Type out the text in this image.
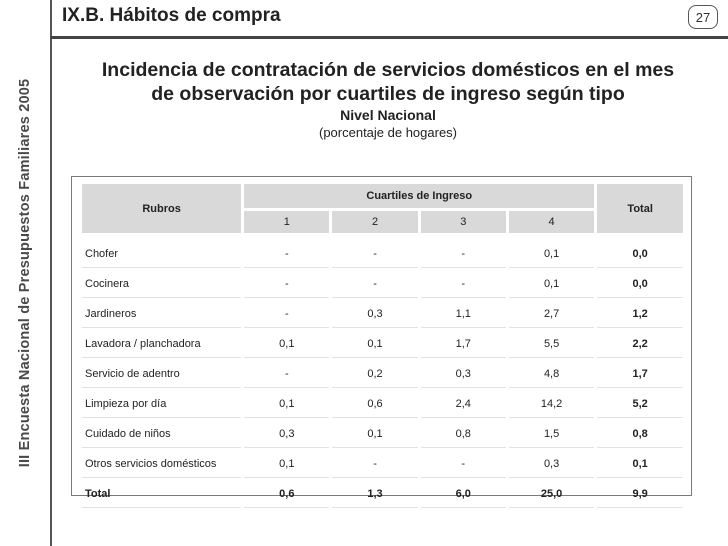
III Encuesta Nacional de Presupuestos Familiares 2005
IX.B. Hábitos de compra	27
Incidencia de contratación de servicios domésticos en el mes
de observación por cuartiles de ingreso según tipo
Nivel Nacional
(porcentaje de hogares)
Rubros	Cuartiles de Ingreso				Total
	1	2	3	4	

Chofer	-	-	-	0,1	0,0
Cocinera	-	-	-	0,1	0,0
Jardineros	-	0,3	1,1	2,7	1,2
Lavadora / planchadora	0,1	0,1	1,7	5,5	2,2
Servicio de adentro	-	0,2	0,3	4,8	1,7
Limpieza por día	0,1	0,6	2,4	14,2	5,2
Cuidado de niños	0,3	0,1	0,8	1,5	0,8
Otros servicios domésticos	0,1	-	-	0,3	0,1
Total	0,6	1,3	6,0	25,0	9,9
